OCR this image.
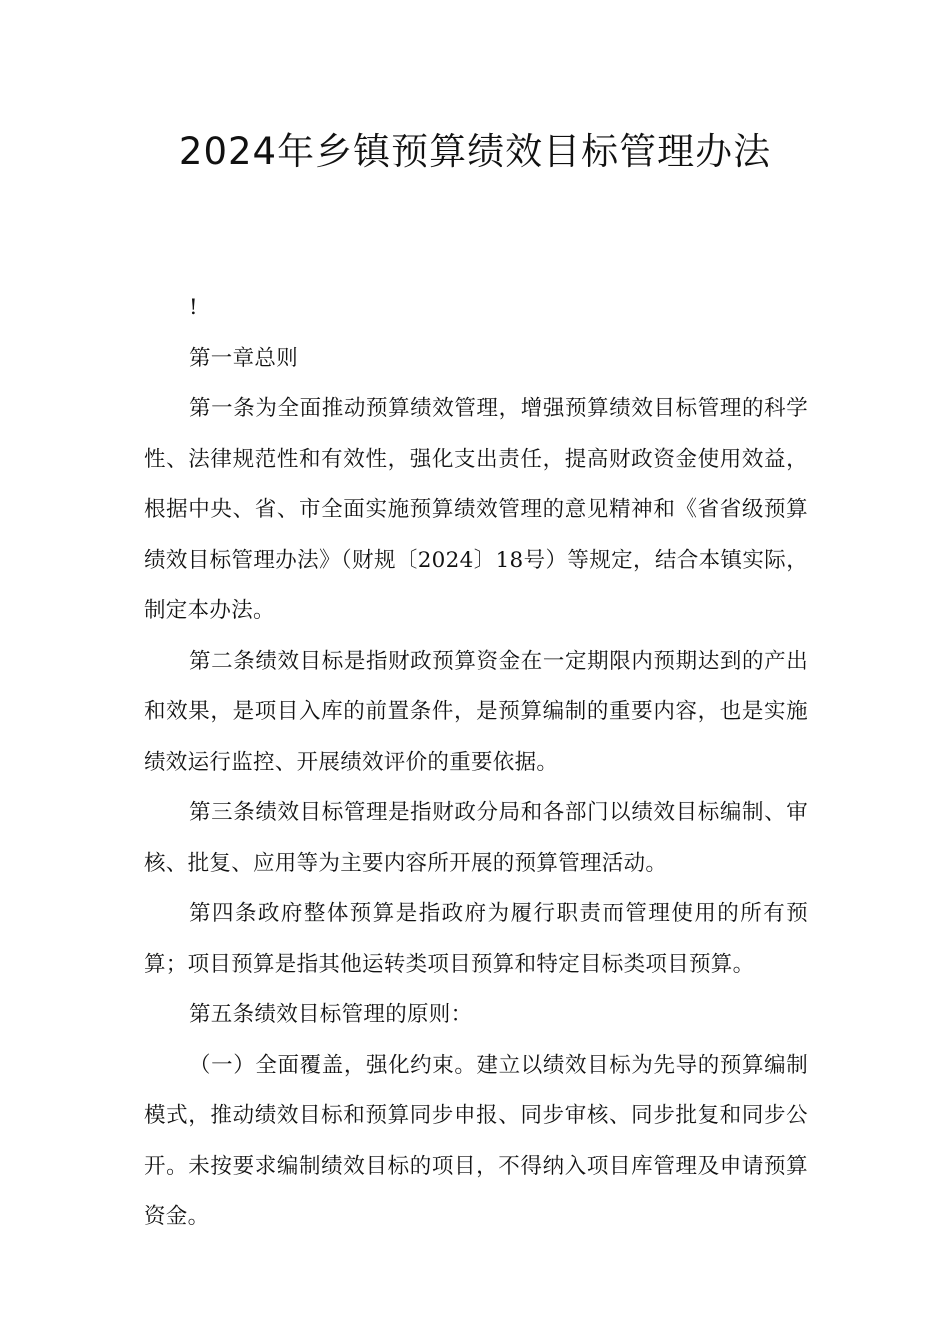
2024年乡镇预算绩效目标管理办法

!

第一章总则

第一条为全面推动预算绩效管理，增强预算绩效目标管理的科学性、法律规范性和有效性，强化支出责任，提高财政资金使用效益，根据中央、省、市全面实施预算绩效管理的意见精神和《省省级预算绩效目标管理办法》（财规〔2024〕18号）等规定，结合本镇实际，制定本办法。

第二条绩效目标是指财政预算资金在一定期限内预期达到的产出和效果，是项目入库的前置条件，是预算编制的重要内容，也是实施绩效运行监控、开展绩效评价的重要依据。

第三条绩效目标管理是指财政分局和各部门以绩效目标编制、审核、批复、应用等为主要内容所开展的预算管理活动。

第四条政府整体预算是指政府为履行职责而管理使用的所有预算；项目预算是指其他运转类项目预算和特定目标类项目预算。

第五条绩效目标管理的原则：

（一）全面覆盖，强化约束。建立以绩效目标为先导的预算编制模式，推动绩效目标和预算同步申报、同步审核、同步批复和同步公开。未按要求编制绩效目标的项目，不得纳入项目库管理及申请预算资金。
